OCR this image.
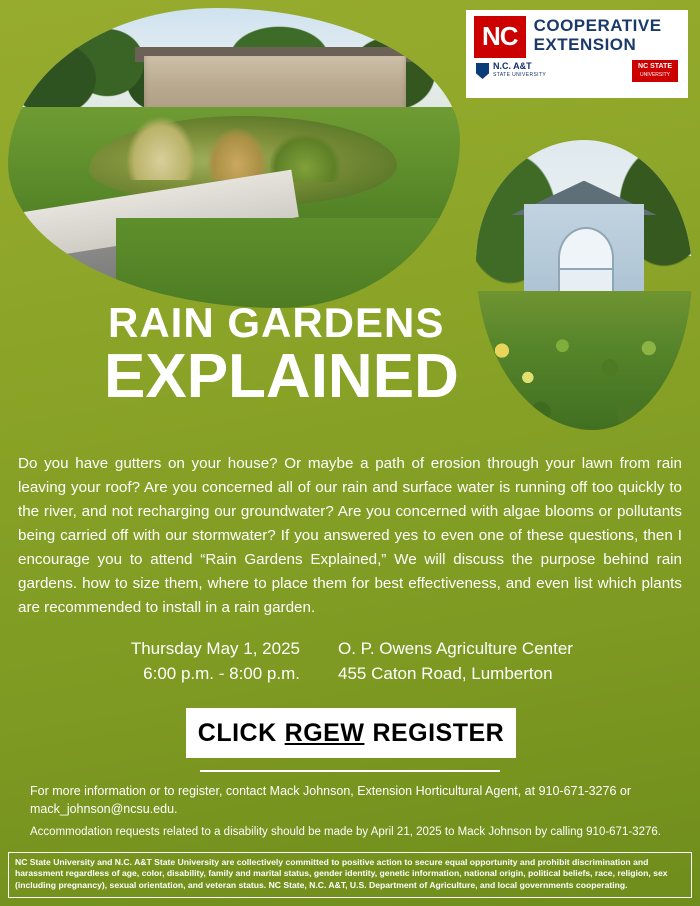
NC COOPERATIVE
EXTENSION
N.C. A&T
STATE UNIVERSITY
NC STATE
UNIVERSITY
RAIN GARDENS
EXPLAINED
Do you have gutters on your house? Or maybe a path of erosion through your lawn from rain leaving your roof? Are you concerned all of our rain and surface water is running off too quickly to the river, and not recharging our groundwater? Are you concerned with algae blooms or pollutants being carried off with our stormwater? If you answered yes to even one of these questions, then I encourage you to attend “Rain Gardens Explained,” We will discuss the purpose behind rain gardens. how to size them, where to place them for best effectiveness, and even list which plants are recommended to install in a rain garden.
Thursday May 1, 2025
6:00 p.m. - 8:00 p.m.
O. P. Owens Agriculture Center
455 Caton Road, Lumberton
CLICK RGEW REGISTER
For more information or to register, contact Mack Johnson, Extension Horticultural Agent, at 910-671-3276 or mack_johnson@ncsu.edu.
Accommodation requests related to a disability should be made by April 21, 2025 to Mack Johnson by calling 910-671-3276.
NC State University and N.C. A&T State University are collectively committed to positive action to secure equal opportunity and prohibit discrimination and harassment regardless of age, color, disability, family and marital status, gender identity, genetic information, national origin, political beliefs, race, religion, sex (including pregnancy), sexual orientation, and veteran status. NC State, N.C. A&T, U.S. Department of Agriculture, and local governments cooperating.
